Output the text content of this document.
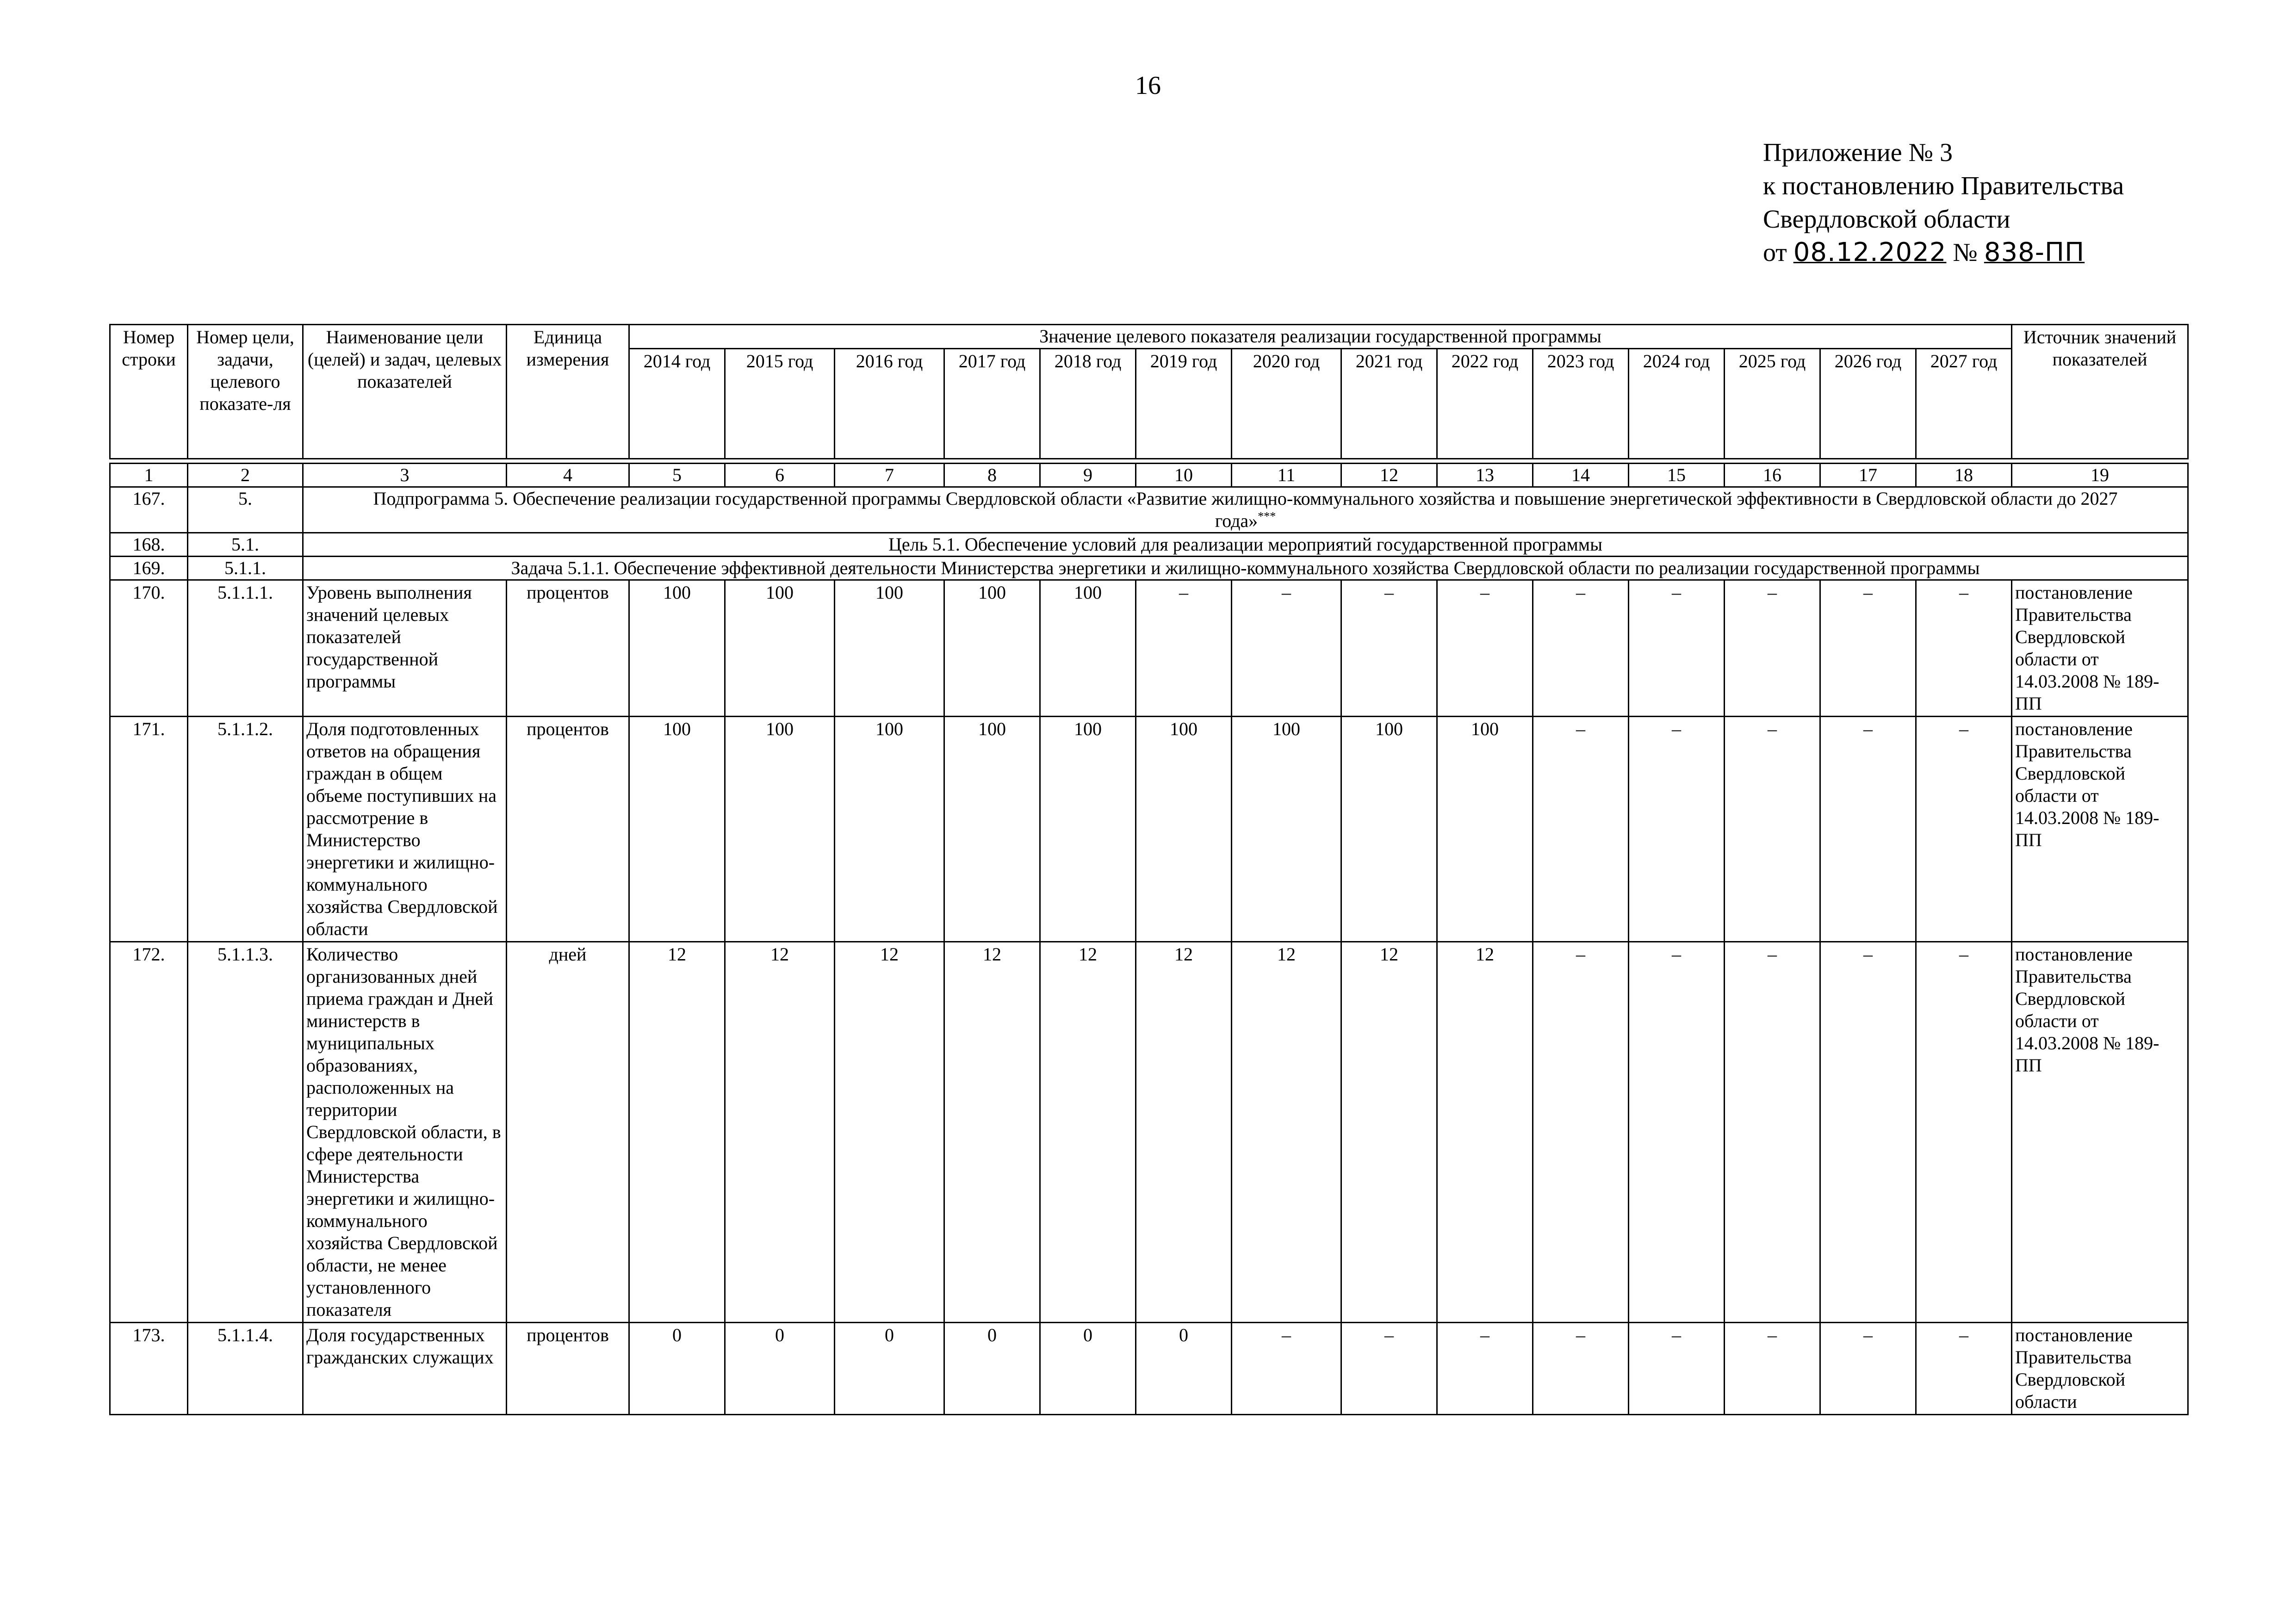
16
Приложение № 3
к постановлению Правительства
Свердловской области
от 08.12.2022 № 838-ПП
Номер строки	Номер цели, задачи, целевого показате-ля	Наименование цели (целей) и задач, целевых показателей	Единица измерения	Значение целевого показателя реализации государственной программы														Источник значений показателей
				2014 год	2015 год	2016 год	2017 год	2018 год	2019 год	2020 год	2021 год	2022 год	2023 год	2024 год	2025 год	2026 год	2027 год	
1	2	3	4	5	6	7	8	9	10	11	12	13	14	15	16	17	18	19
167.	5.	Подпрограмма 5. Обеспечение реализации государственной программы Свердловской области «Развитие жилищно-коммунального хозяйства и повышение энергетической эффективности в Свердловской области до 2027 года»***
168.	5.1.	Цель 5.1. Обеспечение условий для реализации мероприятий государственной программы																
169.	5.1.1.	Задача 5.1.1. Обеспечение эффективной деятельности Министерства энергетики и жилищно-коммунального хозяйства Свердловской области по реализации государственной программы																
170.	5.1.1.1.	Уровень выполнения значений целевых показателей государственной программы	процентов	100	100	100	100	100	–	–	–	–	–	–	–	–	–	постановление Правительства Свердловской области от 14.03.2008 № 189-ПП
171.	5.1.1.2.	Доля подготовленных ответов на обращения граждан в общем объеме поступивших на рассмотрение в Министерство энергетики и жилищно-коммунального хозяйства Свердловской области	процентов	100	100	100	100	100	100	100	100	100	–	–	–	–	–	постановление Правительства Свердловской области от 14.03.2008 № 189-ПП
172.	5.1.1.3.	Количество организованных дней приема граждан и Дней министерств в муниципальных образованиях, расположенных на территории Свердловской области, в сфере деятельности Министерства энергетики и жилищно-коммунального хозяйства Свердловской области, не менее установленного показателя	дней	12	12	12	12	12	12	12	12	12	–	–	–	–	–	постановление Правительства Свердловской области от 14.03.2008 № 189-ПП
173.	5.1.1.4.	Доля государственных гражданских служащих	процентов	0	0	0	0	0	0	–	–	–	–	–	–	–	–	постановление Правительства Свердловской области
